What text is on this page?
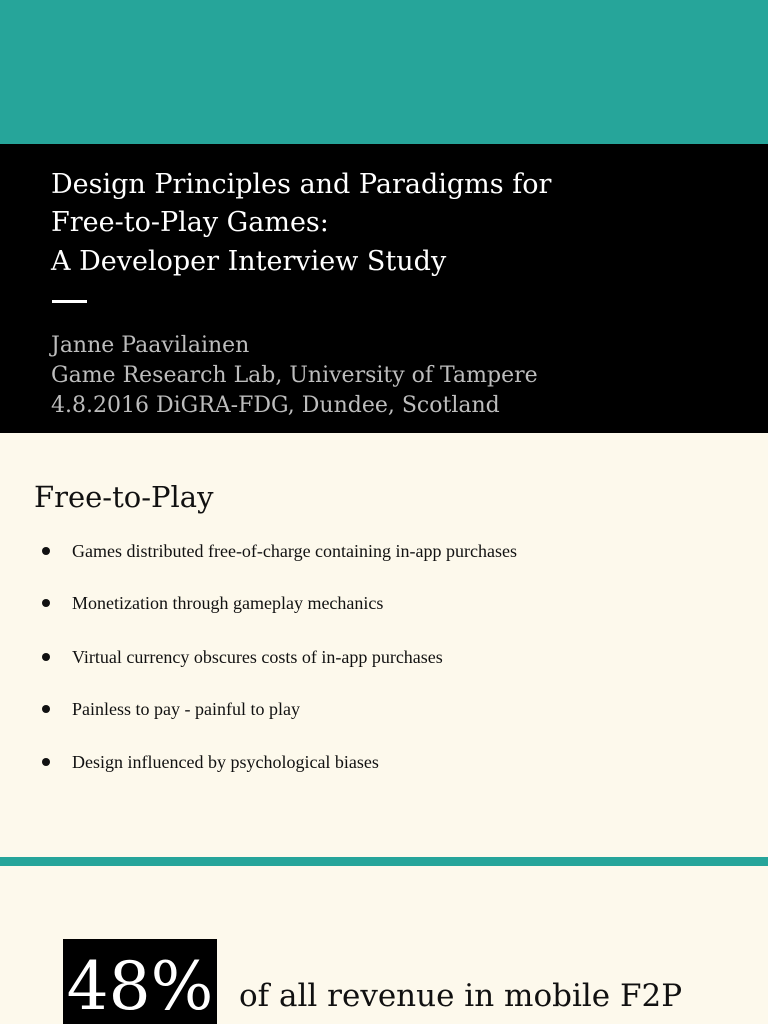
Design Principles and Paradigms for
Free-to-Play Games:
A Developer Interview Study
Janne Paavilainen
Game Research Lab, University of Tampere
4.8.2016 DiGRA-FDG, Dundee, Scotland
Free-to-Play
Games distributed free-of-charge containing in-app purchases
Monetization through gameplay mechanics
Virtual currency obscures costs of in-app purchases
Painless to pay - painful to play
Design influenced by psychological biases
48% of all revenue in mobile F2P
